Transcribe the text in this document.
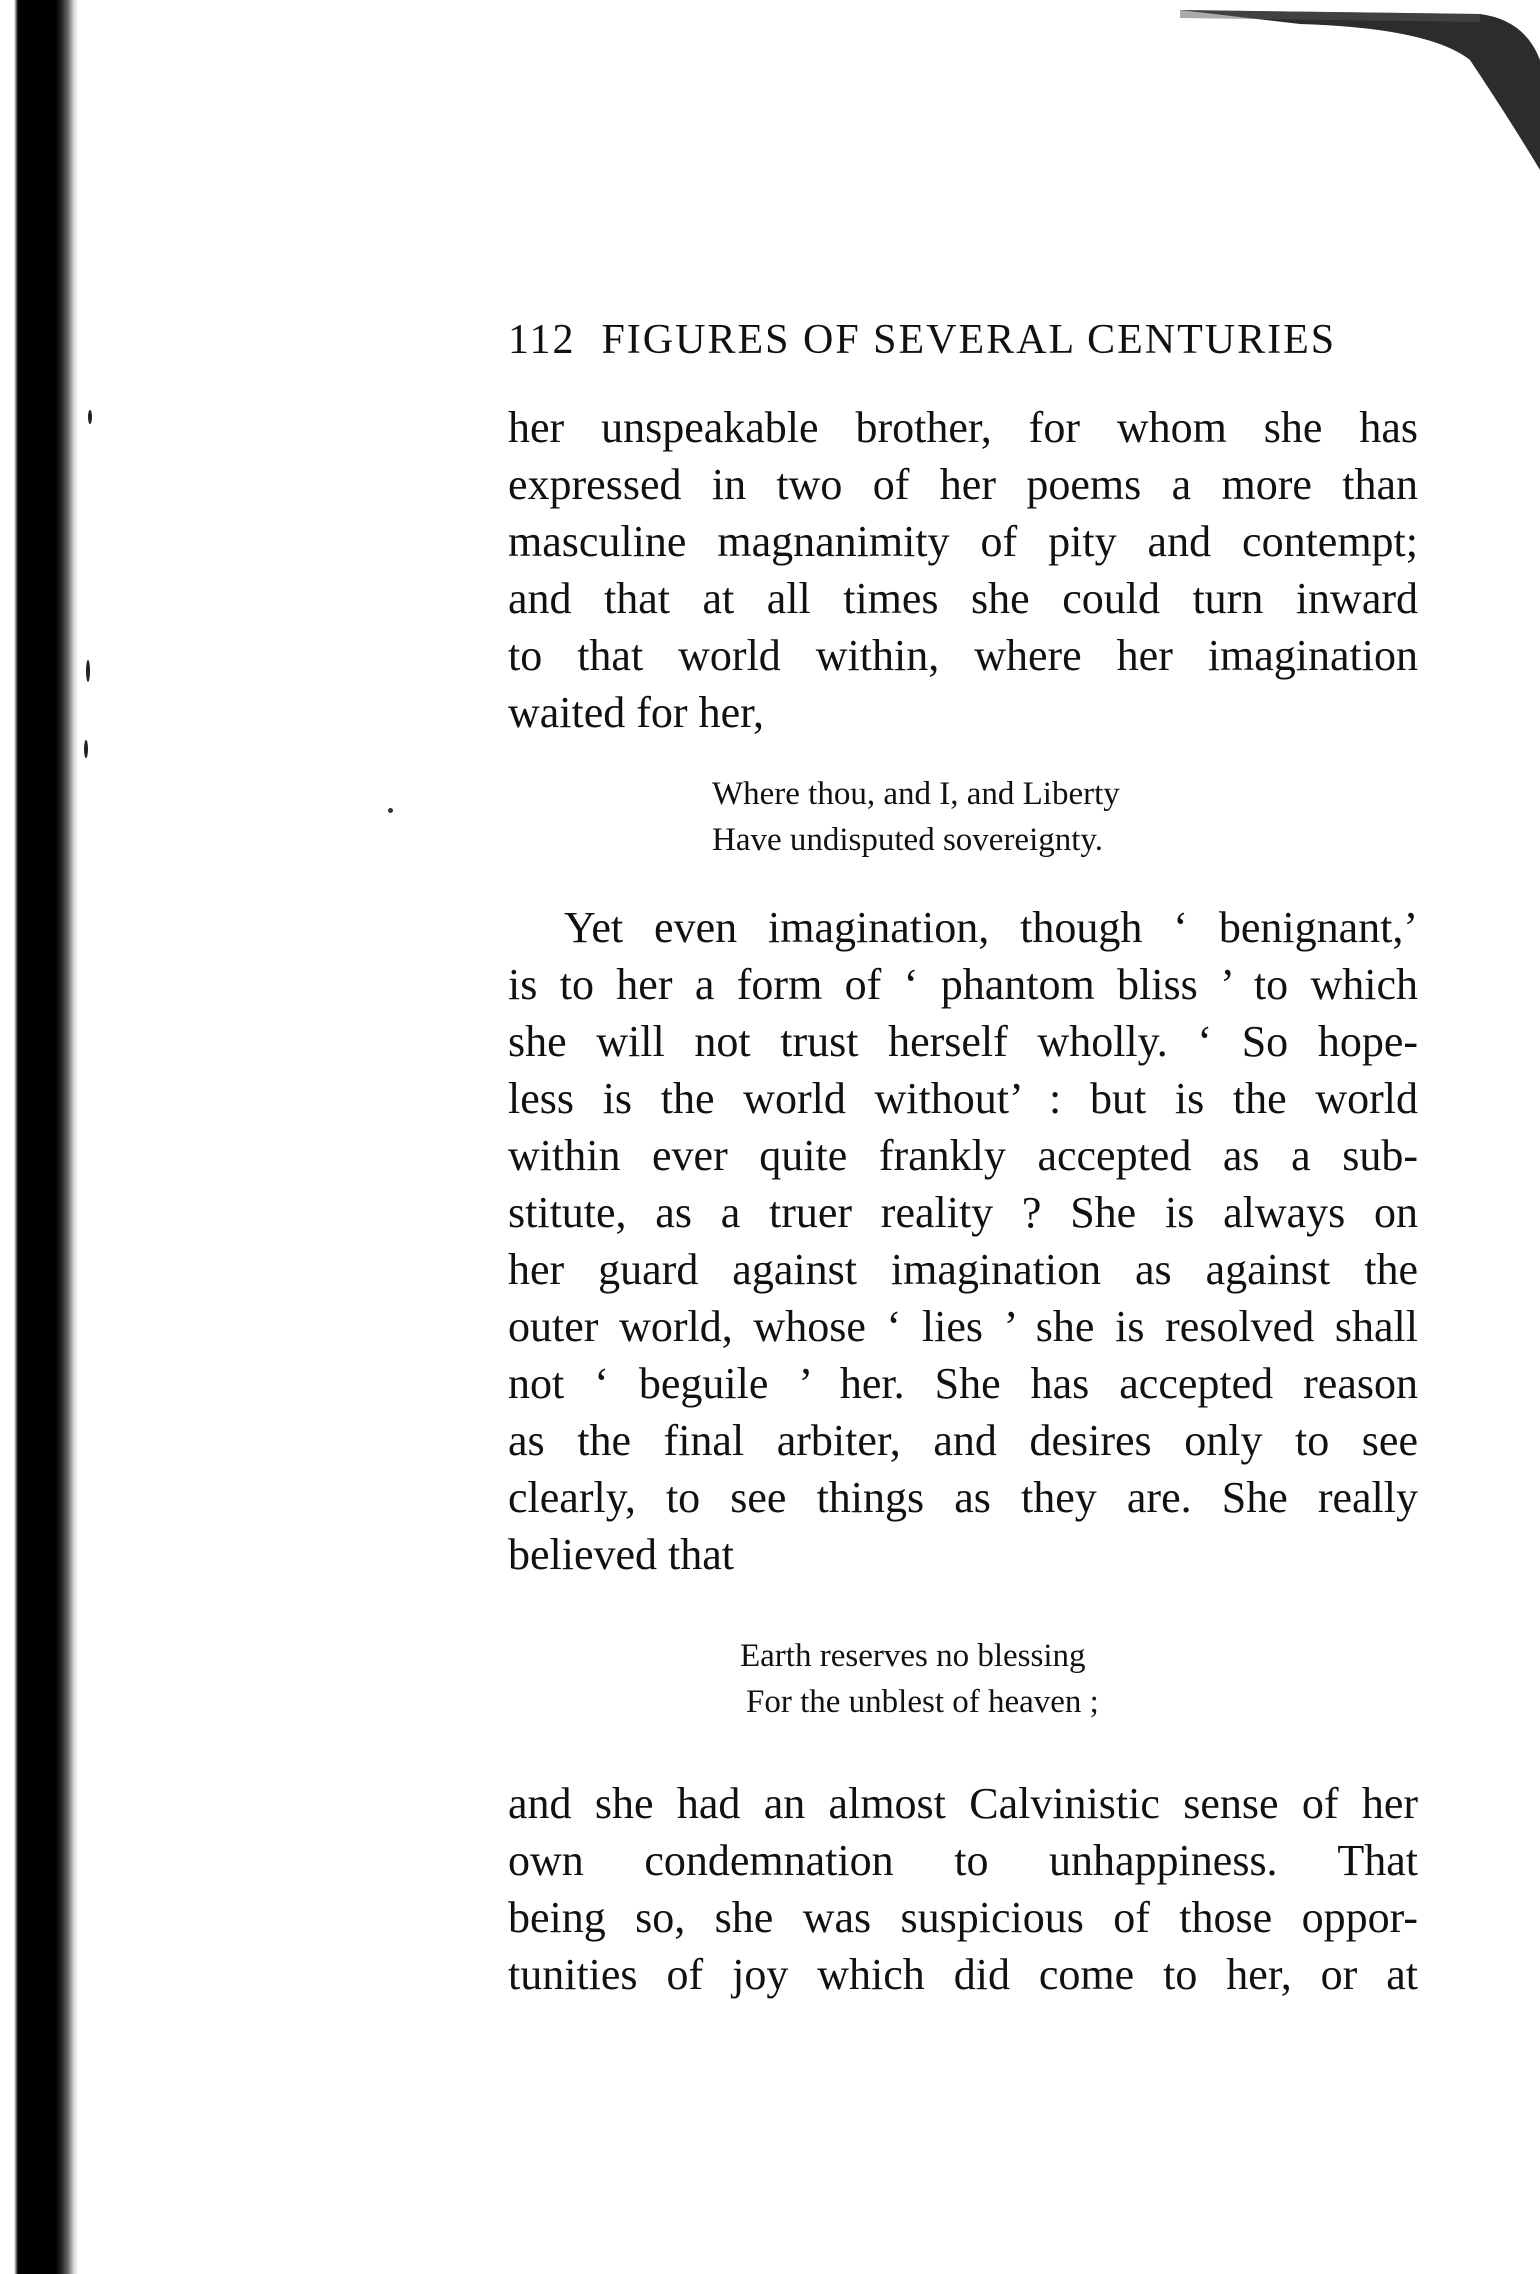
112 FIGURES OF SEVERAL CENTURIES
her unspeakable brother, for whom she has
expressed in two of her poems a more than
masculine magnanimity of pity and contempt;
and that at all times she could turn inward
to that world within, where her imagination
waited for her,
Where thou, and I, and Liberty
Have undisputed sovereignty.
Yet even imagination, though ‘ benignant,’
is to her a form of ‘ phantom bliss ’ to which
she will not trust herself wholly. ‘ So hope-
less is the world without’ : but is the world
within ever quite frankly accepted as a sub-
stitute, as a truer reality ? She is always on
her guard against imagination as against the
outer world, whose ‘ lies ’ she is resolved shall
not ‘ beguile ’ her. She has accepted reason
as the final arbiter, and desires only to see
clearly, to see things as they are. She really
believed that
Earth reserves no blessing
For the unblest of heaven ;
and she had an almost Calvinistic sense of her
own condemnation to unhappiness. That
being so, she was suspicious of those oppor-
tunities of joy which did come to her, or at
